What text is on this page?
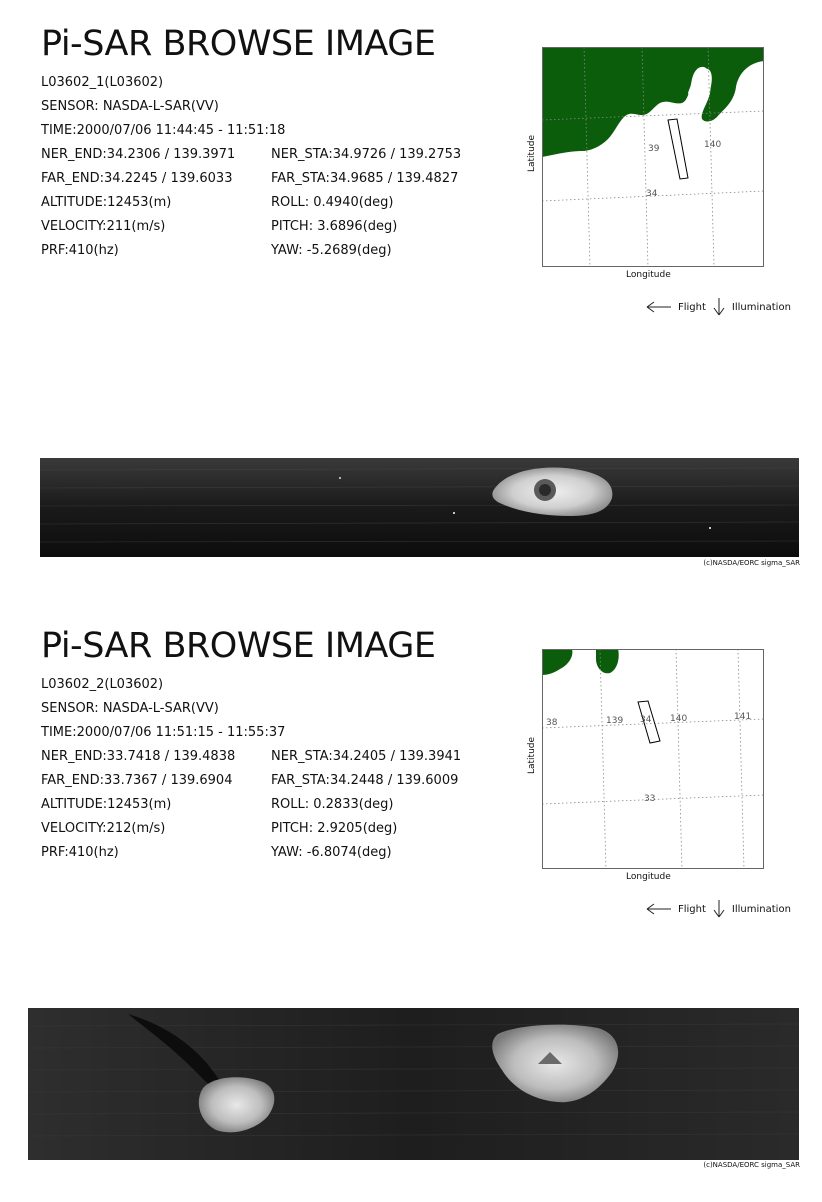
Pi-SAR BROWSE IMAGE
L03602_1(L03602)
SENSOR: NASDA-L-SAR(VV)
TIME:2000/07/06 11:44:45 - 11:51:18
NER_END:34.2306 / 139.3971	NER_STA:34.9726 / 139.2753
FAR_END:34.2245 / 139.6033	FAR_STA:34.9685 / 139.4827
ALTITUDE:12453(m)	ROLL: 0.4940(deg)
VELOCITY:211(m/s)	PITCH: 3.6896(deg)
PRF:410(hz)	YAW: -5.2689(deg)
39	140
34
Latitude
Longitude
Flight	Illumination
(c)NASDA/EORC sigma_SAR
Pi-SAR BROWSE IMAGE
L03602_2(L03602)
SENSOR: NASDA-L-SAR(VV)
TIME:2000/07/06 11:51:15 - 11:55:37
NER_END:33.7418 / 139.4838	NER_STA:34.2405 / 139.3941
FAR_END:33.7367 / 139.6904	FAR_STA:34.2448 / 139.6009
ALTITUDE:12453(m)	ROLL: 0.2833(deg)
VELOCITY:212(m/s)	PITCH: 2.9205(deg)
PRF:410(hz)	YAW: -6.8074(deg)
38	139 34 140	141
33
Latitude
Longitude
Flight	Illumination
(c)NASDA/EORC sigma_SAR
